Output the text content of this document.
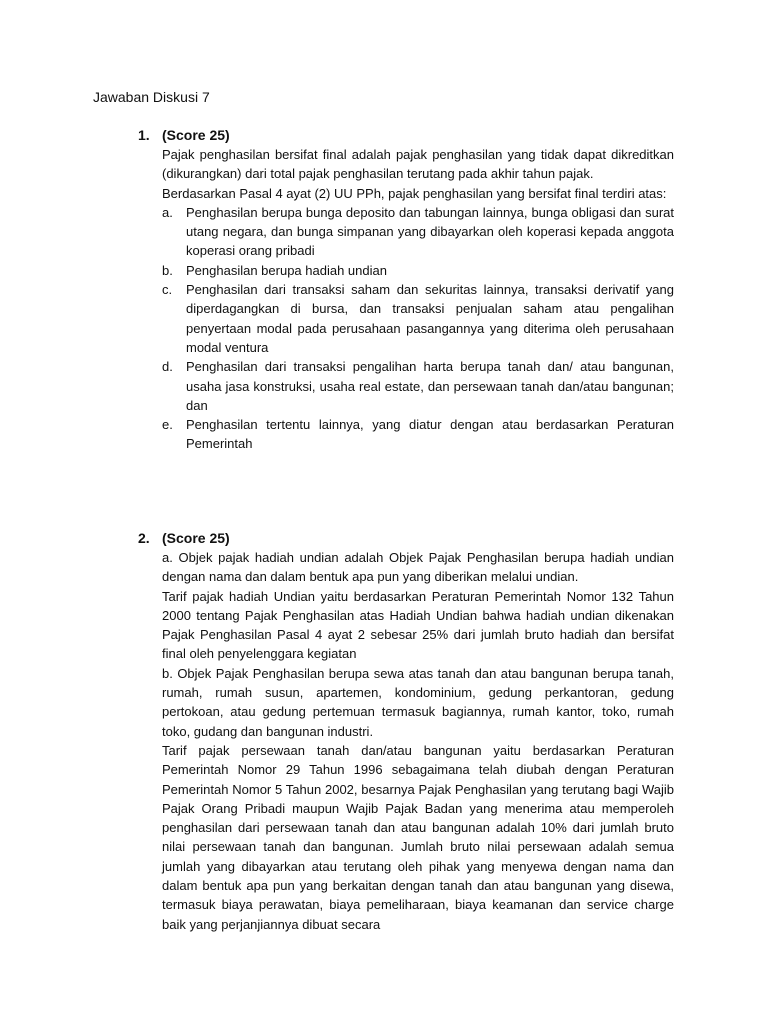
Jawaban Diskusi 7
1. (Score 25)

Pajak penghasilan bersifat final adalah pajak penghasilan yang tidak dapat dikreditkan (dikurangkan) dari total pajak penghasilan terutang pada akhir tahun pajak.

Berdasarkan Pasal 4 ayat (2) UU PPh, pajak penghasilan yang bersifat final terdiri atas:

a. Penghasilan berupa bunga deposito dan tabungan lainnya, bunga obligasi dan surat utang negara, dan bunga simpanan yang dibayarkan oleh koperasi kepada anggota koperasi orang pribadi
b. Penghasilan berupa hadiah undian
c. Penghasilan dari transaksi saham dan sekuritas lainnya, transaksi derivatif yang diperdagangkan di bursa, dan transaksi penjualan saham atau pengalihan penyertaan modal pada perusahaan pasangannya yang diterima oleh perusahaan modal ventura
d. Penghasilan dari transaksi pengalihan harta berupa tanah dan/ atau bangunan, usaha jasa konstruksi, usaha real estate, dan persewaan tanah dan/atau bangunan; dan
e. Penghasilan tertentu lainnya, yang diatur dengan atau berdasarkan Peraturan Pemerintah
2. (Score 25)

a. Objek pajak hadiah undian adalah Objek Pajak Penghasilan berupa hadiah undian dengan nama dan dalam bentuk apa pun yang diberikan melalui undian.

Tarif pajak hadiah Undian yaitu berdasarkan Peraturan Pemerintah Nomor 132 Tahun 2000 tentang Pajak Penghasilan atas Hadiah Undian bahwa hadiah undian dikenakan Pajak Penghasilan Pasal 4 ayat 2 sebesar 25% dari jumlah bruto hadiah dan bersifat final oleh penyelenggara kegiatan

b. Objek Pajak Penghasilan berupa sewa atas tanah dan atau bangunan berupa tanah, rumah, rumah susun, apartemen, kondominium, gedung perkantoran, gedung pertokoan, atau gedung pertemuan termasuk bagiannya, rumah kantor, toko, rumah toko, gudang dan bangunan industri.

Tarif pajak persewaan tanah dan/atau bangunan yaitu berdasarkan Peraturan Pemerintah Nomor 29 Tahun 1996 sebagaimana telah diubah dengan Peraturan Pemerintah Nomor 5 Tahun 2002, besarnya Pajak Penghasilan yang terutang bagi Wajib Pajak Orang Pribadi maupun Wajib Pajak Badan yang menerima atau memperoleh penghasilan dari persewaan tanah dan atau bangunan adalah 10% dari jumlah bruto nilai persewaan tanah dan bangunan. Jumlah bruto nilai persewaan adalah semua jumlah yang dibayarkan atau terutang oleh pihak yang menyewa dengan nama dan dalam bentuk apa pun yang berkaitan dengan tanah dan atau bangunan yang disewa, termasuk biaya perawatan, biaya pemeliharaan, biaya keamanan dan service charge baik yang perjanjiannya dibuat secara
